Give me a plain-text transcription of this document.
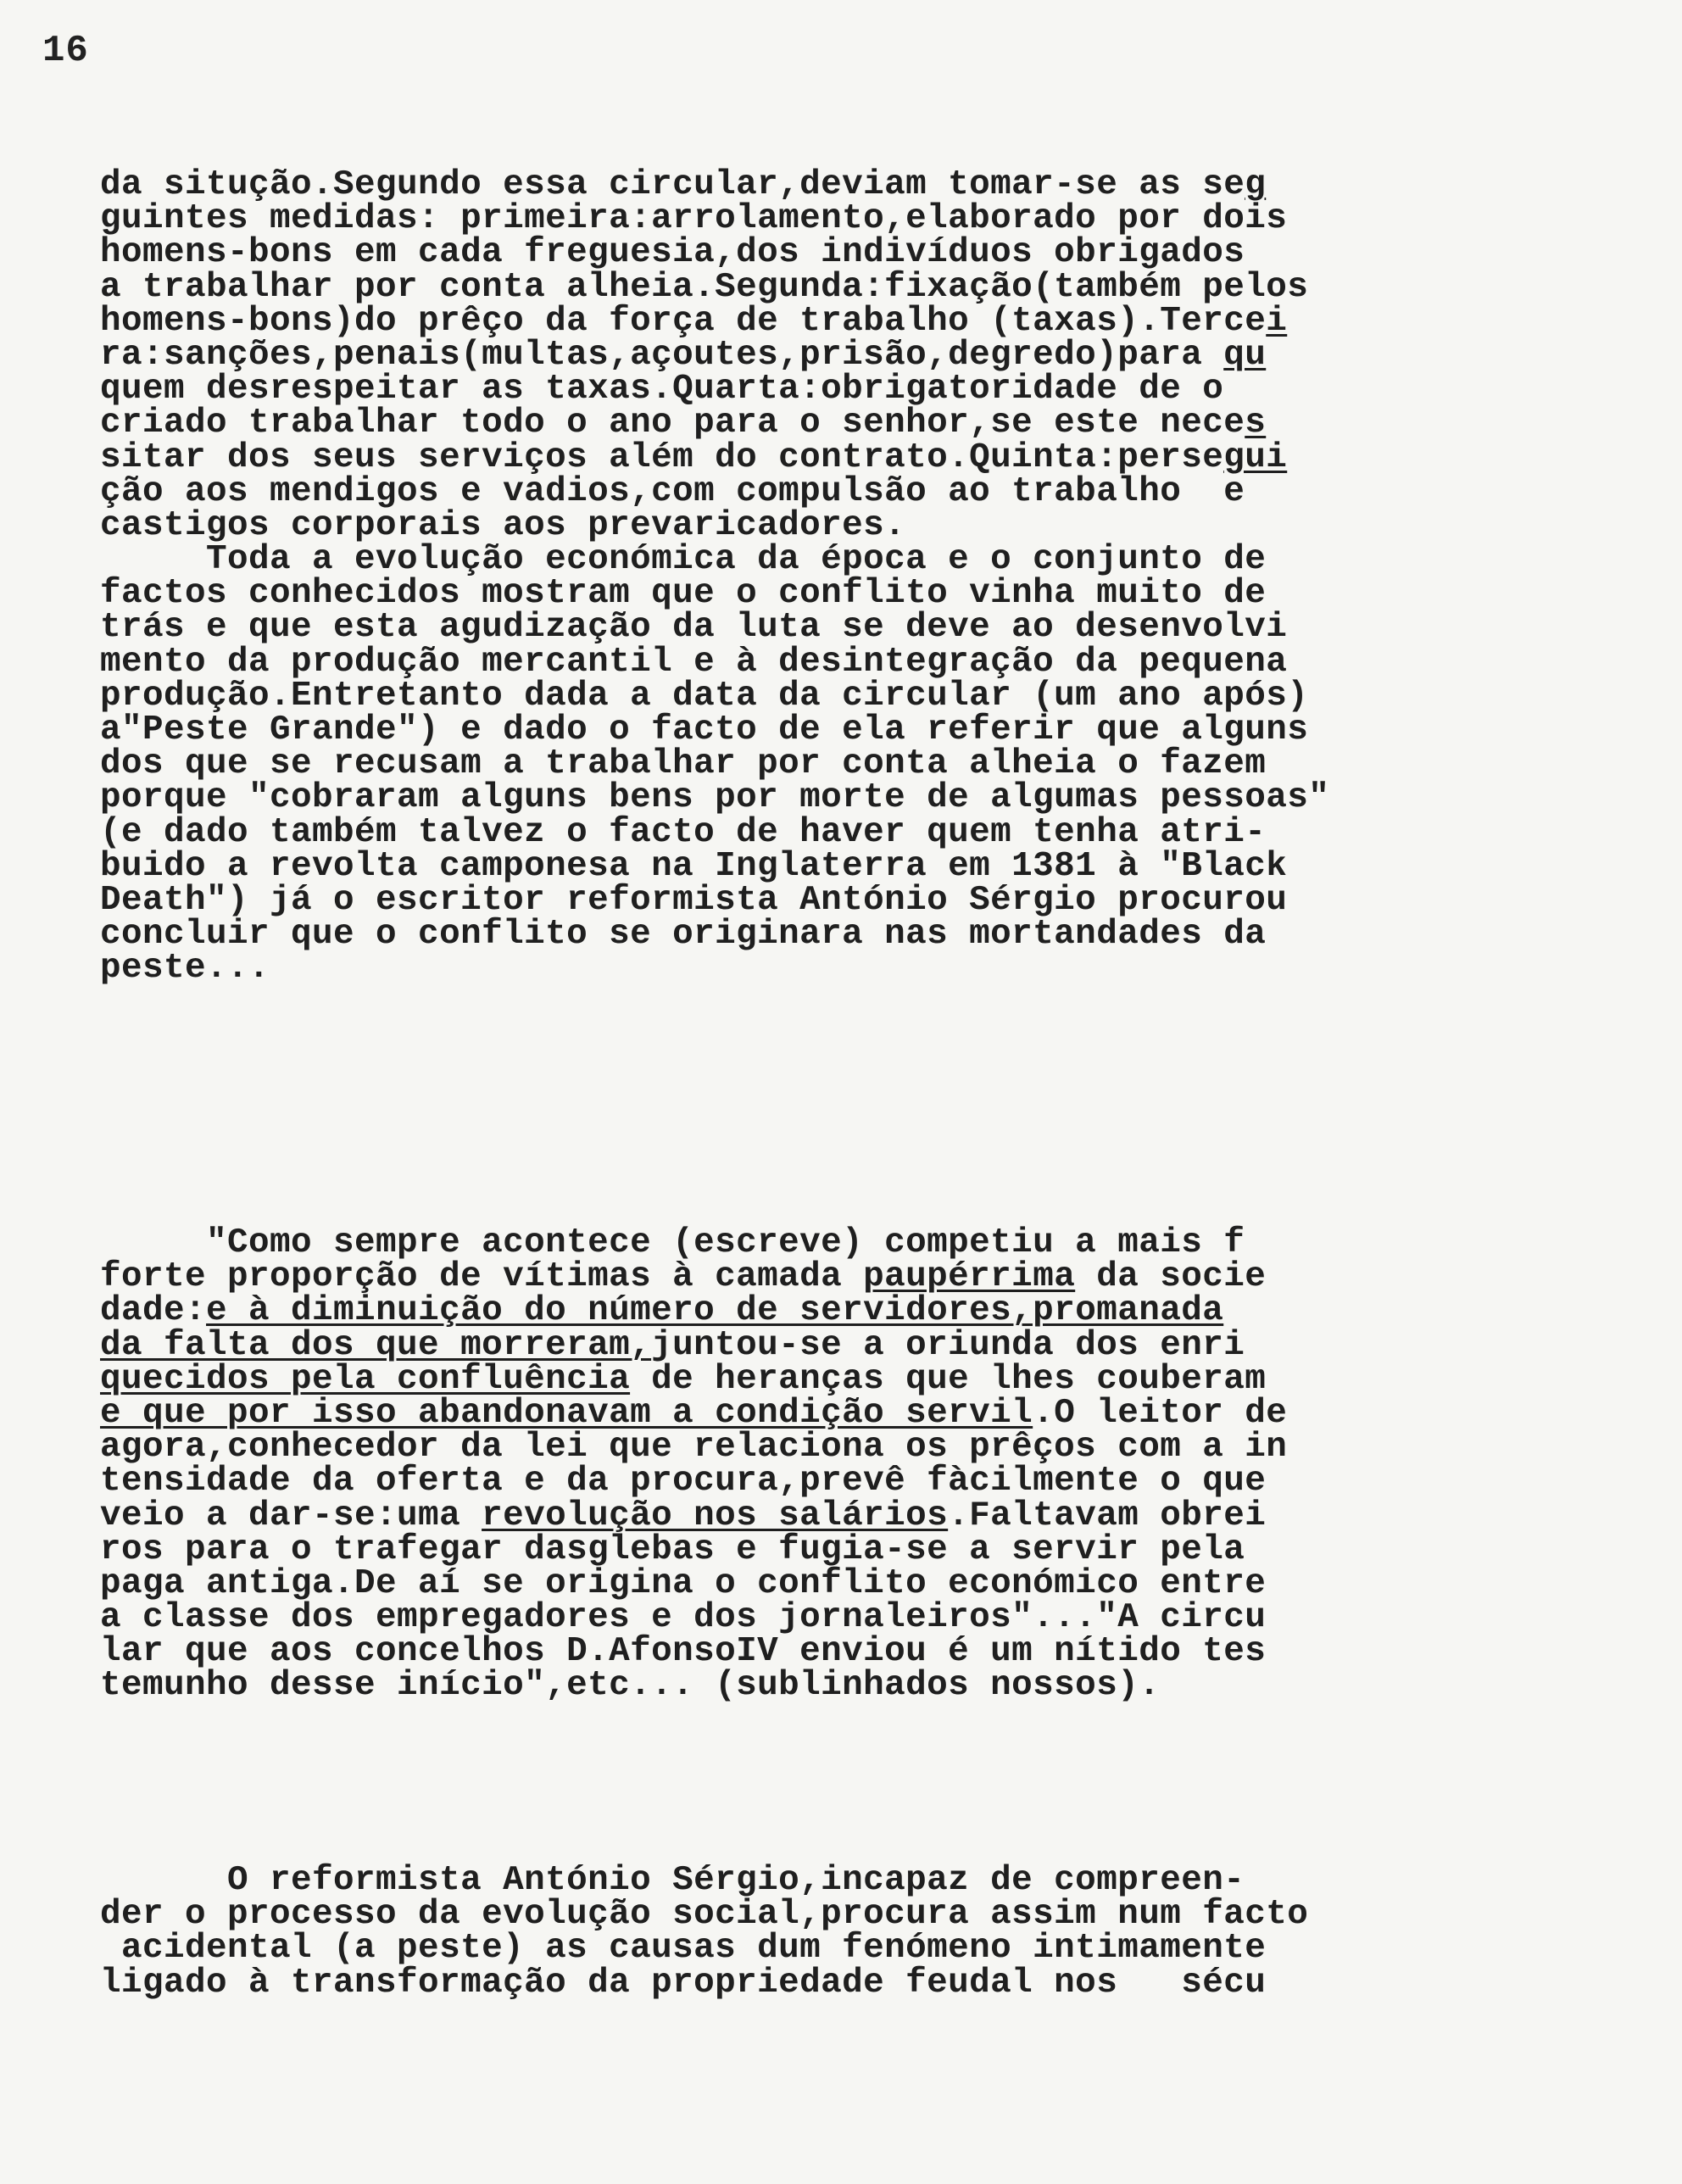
16
da situção.Segundo essa circular,deviam tomar-se as seg
guintes medidas: primeira:arrolamento,elaborado por dois
homens-bons em cada freguesia,dos indivíduos obrigados
a trabalhar por conta alheia.Segunda:fixação(também pelos
homens-bons)do prêço da força de trabalho (taxas).Tercei
ra:sanções,penais(multas,açoutes,prisão,degredo)para qu
quem desrespeitar as taxas.Quarta:obrigatoridade de o
criado trabalhar todo o ano para o senhor,se este neces
sitar dos seus serviços além do contrato.Quinta:persegui
ção aos mendigos e vadios,com compulsão ao trabalho  e
castigos corporais aos prevaricadores.
Toda a evolução económica da época e o conjunto de
factos conhecidos mostram que o conflito vinha muito de
trás e que esta agudização da luta se deve ao desenvolvi
mento da produção mercantil e à desintegração da pequena
produção.Entretanto dada a data da circular (um ano após)
a"Peste Grande") e dado o facto de ela referir que alguns
dos que se recusam a trabalhar por conta alheia o fazem
porque "cobraram alguns bens por morte de algumas pessoas"
(e dado também talvez o facto de haver quem tenha atri-
buido a revolta camponesa na Inglaterra em 1381 à "Black
Death") já o escritor reformista António Sérgio procurou
concluir que o conflito se originara nas mortandades da
peste...
"Como sempre acontece (escreve) competiu a mais f
forte proporção de vítimas à camada paupérrima da socie
dade:e à diminuição do número de servidores,promanada
da falta dos que morreram,juntou-se a oriunda dos enri
quecidos pela confluência de heranças que lhes couberam
e que por isso abandonavam a condição servil.O leitor de
agora,conhecedor da lei que relaciona os prêços com a in
tensidade da oferta e da procura,prevê fàcilmente o que
veio a dar-se:uma revolução nos salários.Faltavam obrei
ros para o trafegar dasglebas e fugia-se a servir pela
paga antiga.De aí se origina o conflito económico entre
a classe dos empregadores e dos jornaleiros"..."A circu
lar que aos concelhos D.AfonsoIV enviou é um nítido tes
temunho desse início",etc... (sublinhados nossos).
O reformista António Sérgio,incapaz de compreen-
der o processo da evolução social,procura assim num facto
acidental (a peste) as causas dum fenómeno intimamente
ligado à transformação da propriedade feudal nos   sécu
